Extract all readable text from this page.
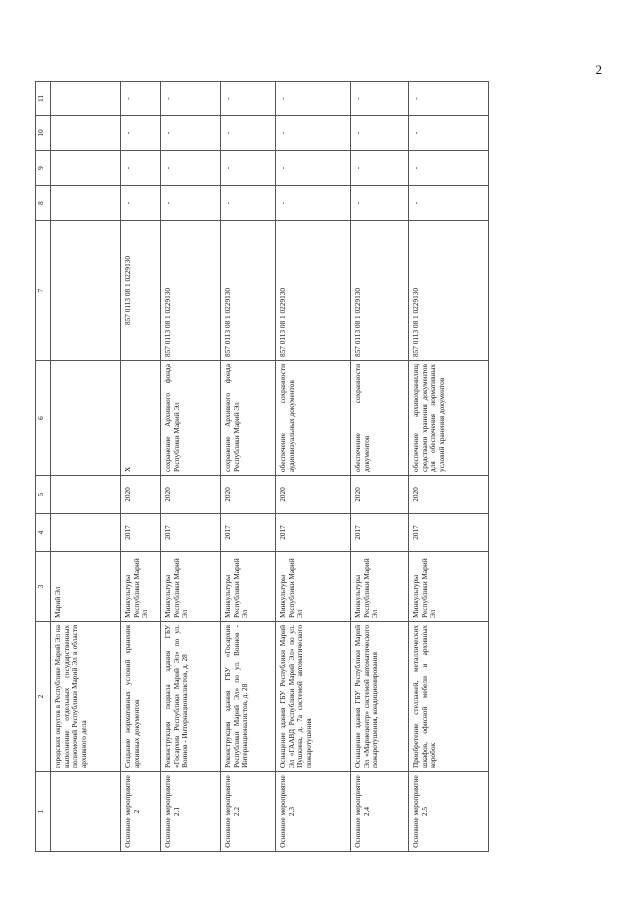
2
1	2	3	4	5	6	7	8	9	10	11
	городских округов в Республике Марий Эл на выполнение отдельных государственных полномочий Республики Марий Эл в области архивного дела	Марий Эл								
Основное мероприятие 2	Создание нормативных условий хранения архивных документов	Минкультуры Республики Марий Эл	2017	2020	Х	857 0113 08 1 0229130	-	-	-	-
Основное мероприятие 2.1	Реконструкция подвала здания ГБУ «Госархив Республики Марий Эл» по ул. Воинов - Интернационалистов, д. 28	Минкультуры Республики Марий Эл	2017	2020	сохранение Архивного фонда Республики Марий Эл	857 0113 08 1 0229130	-	-	-	-
Основное мероприятие 2.2	Реконструкция здания ГБУ «Госархив Республики Марий Эл» по ул. Воинов - Интернационалистов, д. 28	Минкультуры Республики Марий Эл	2017	2020	сохранение Архивного фонда Республики Марий Эл	857 0113 08 1 0229130	-	-	-	-
Основное мероприятие 2.3	Оснащение здания ГБУ Республики Марий Эл «ГААВД Республики Марий Эл» по ул. Пушкина, д. 7а системой автоматического пожаротушения	Минкультуры Республики Марий Эл	2017	2020	обеспечение сохранности аудиовизуальных документов	857 0113 08 1 0229130	-	-	-	-
Основное мероприятие 2.4	Оснащение здания ГБУ Республики Марий Эл «Мариецентр» системой автоматического пожаротушения, кондиционирования	Минкультуры Республики Марий Эл	2017	2020	обеспечение сохранности документов	857 0113 08 1 0229130	-	-	-	-
Основное мероприятие 2.5	Приобретение стеллажей, металлических шкафов, офисной мебели и архивных коробок	Минкультуры Республики Марий Эл	2017	2020	обеспечение архивохранилищ средствами хранения документов для обеспечения нормативных условий хранения документов	857 0113 08 1 0229130	-	-	-	-
